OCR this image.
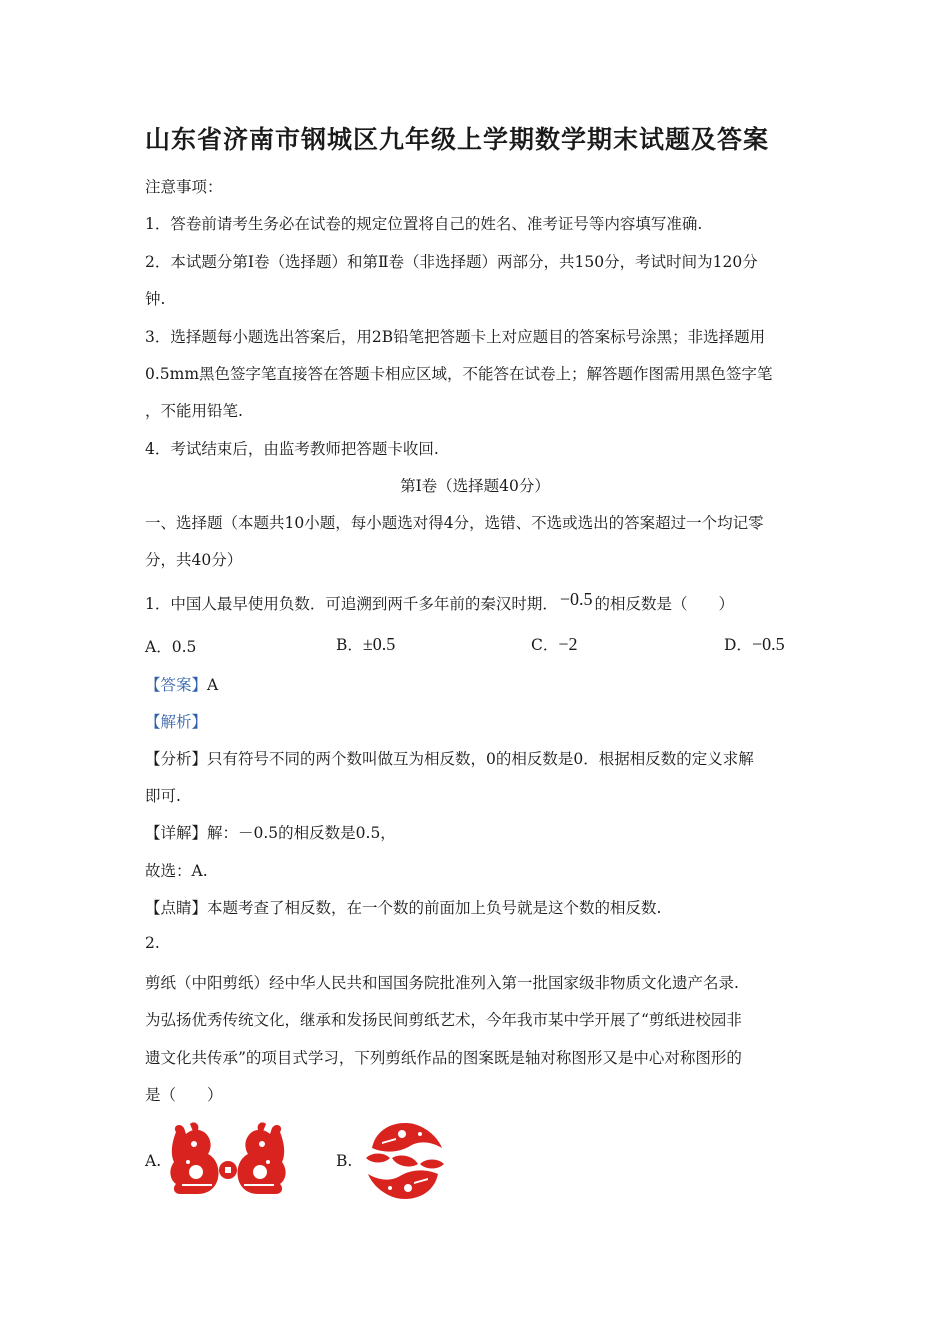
山东省济南市钢城区九年级上学期数学期末试题及答案
注意事项：
1．答卷前请考生务必在试卷的规定位置将自己的姓名、准考证号等内容填写准确.
2．本试题分第Ⅰ卷（选择题）和第Ⅱ卷（非选择题）两部分，共150分，考试时间为120分
钟.
3．选择题每小题选出答案后，用2B铅笔把答题卡上对应题目的答案标号涂黑；非选择题用
0.5mm黑色签字笔直接答在答题卡相应区域，不能答在试卷上；解答题作图需用黑色签字笔
，不能用铅笔.
4．考试结束后，由监考教师把答题卡收回.
第Ⅰ卷（选择题40分）
一、选择题（本题共10小题，每小题选对得4分，选错、不选或选出的答案超过一个均记零
分，共40分）
1．中国人最早使用负数．可追溯到两千多年前的秦汉时期． −0.5 的相反数是（　　）
A．0.5	B．±0.5	C．−2	D．−0.5
【答案】A
【解析】
【分析】只有符号不同的两个数叫做互为相反数，0的相反数是0．根据相反数的定义求解
即可.
【详解】解：－0.5的相反数是0.5，
故选：A.
【点睛】本题考查了相反数，在一个数的前面加上负号就是这个数的相反数.
2.
剪纸（中阳剪纸）经中华人民共和国国务院批准列入第一批国家级非物质文化遗产名录.
为弘扬优秀传统文化，继承和发扬民间剪纸艺术，今年我市某中学开展了“剪纸进校园非
遗文化共传承”的项目式学习，下列剪纸作品的图案既是轴对称图形又是中心对称图形的
是（　　）
A.	B.
